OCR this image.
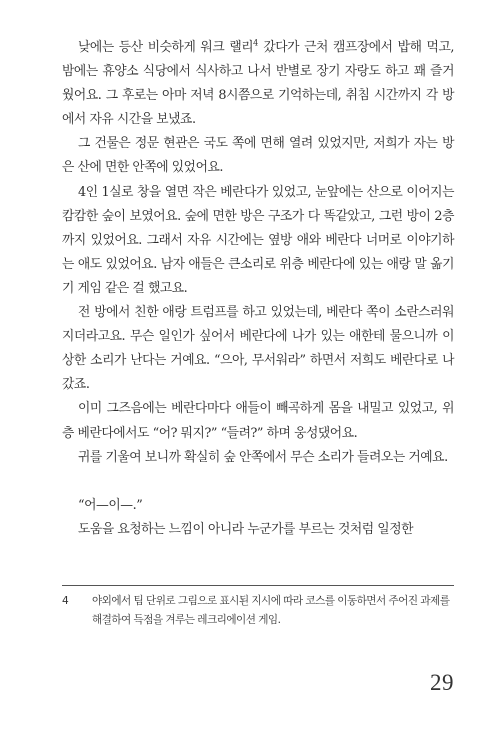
낮에는 등산 비슷하게 워크 랠리$^4$ 갔다가 근처 캠프장에서 밥해 먹고, 밤에는 휴양소 식당에서 식사하고 나서 반별로 장기 자랑도 하고 꽤 즐거웠어요. 그 후로는 아마 저녁 8시쯤으로 기억하는데, 취침 시간까지 각 방에서 자유 시간을 보냈죠.

그 건물은 정문 현관은 국도 쪽에 면해 열려 있었지만, 저희가 자는 방은 산에 면한 안쪽에 있었어요.

4인 1실로 창을 열면 작은 베란다가 있었고, 눈앞에는 산으로 이어지는 캄캄한 숲이 보였어요. 숲에 면한 방은 구조가 다 똑같았고, 그런 방이 2층까지 있었어요. 그래서 자유 시간에는 옆방 애와 베란다 너머로 이야기하는 애도 있었어요. 남자 애들은 큰소리로 위층 베란다에 있는 애랑 말 옮기기 게임 같은 걸 했고요.

전 방에서 친한 애랑 트럼프를 하고 있었는데, 베란다 쪽이 소란스러워지더라고요. 무슨 일인가 싶어서 베란다에 나가 있는 애한테 물으니까 이상한 소리가 난다는 거예요. “으아, 무서워라” 하면서 저희도 베란다로 나갔죠.

이미 그즈음에는 베란다마다 애들이 빼곡하게 몸을 내밀고 있었고, 위층 베란다에서도 “어? 뭐지?” “들려?” 하며 웅성댔어요.

귀를 기울여 보니까 확실히 숲 안쪽에서 무슨 소리가 들려오는 거예요.

“어—이—.”

도움을 요청하는 느낌이 아니라 누군가를 부르는 것처럼 일정한

4	야외에서 팀 단위로 그림으로 표시된 지시에 따라 코스를 이동하면서 주어진 과제를 해결하여 득점을 겨루는 레크리에이션 게임.
29
